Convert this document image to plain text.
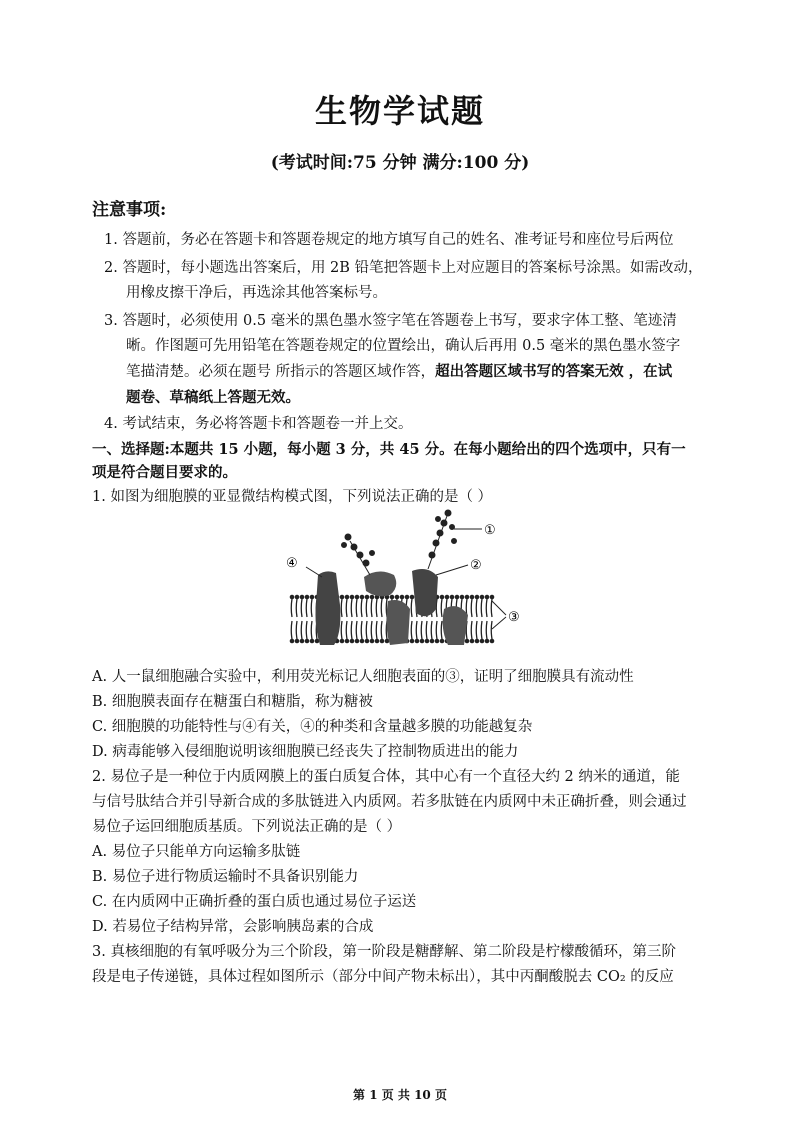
生物学试题
(考试时间:75 分钟 满分:100 分)
注意事项:
1. 答题前，务必在答题卡和答题卷规定的地方填写自己的姓名、准考证号和座位号后两位
2. 答题时，每小题选出答案后，用 2B 铅笔把答题卡上对应题目的答案标号涂黑。如需改动，
用橡皮擦干净后，再选涂其他答案标号。
3. 答题时，必须使用 0.5 毫米的黑色墨水签字笔在答题卷上书写，要求字体工整、笔迹清
晰。作图题可先用铅笔在答题卷规定的位置绘出，确认后再用 0.5 毫米的黑色墨水签字
笔描清楚。必须在题号 所指示的答题区域作答，超出答题区域书写的答案无效 ，在试
题卷、草稿纸上答题无效。
4. 考试结束，务必将答题卡和答题卷一并上交。
一、选择题:本题共 15 小题，每小题 3 分，共 45 分。在每小题给出的四个选项中，只有一
项是符合题目要求的。
1. 如图为细胞膜的亚显微结构模式图，下列说法正确的是（ ）
①
②
③
④
A. 人一鼠细胞融合实验中，利用荧光标记人细胞表面的③，证明了细胞膜具有流动性
B. 细胞膜表面存在糖蛋白和糖脂，称为糖被
C. 细胞膜的功能特性与④有关，④的种类和含量越多膜的功能越复杂
D. 病毒能够入侵细胞说明该细胞膜已经丧失了控制物质进出的能力
2. 易位子是一种位于内质网膜上的蛋白质复合体，其中心有一个直径大约 2 纳米的通道，能
与信号肽结合并引导新合成的多肽链进入内质网。若多肽链在内质网中未正确折叠，则会通过
易位子运回细胞质基质。下列说法正确的是（ ）
A. 易位子只能单方向运输多肽链
B. 易位子进行物质运输时不具备识别能力
C. 在内质网中正确折叠的蛋白质也通过易位子运送
D. 若易位子结构异常，会影响胰岛素的合成
3. 真核细胞的有氧呼吸分为三个阶段，第一阶段是糖酵解、第二阶段是柠檬酸循环，第三阶
段是电子传递链，具体过程如图所示（部分中间产物未标出），其中丙酮酸脱去 CO₂ 的反应
第 1 页 共 10 页
